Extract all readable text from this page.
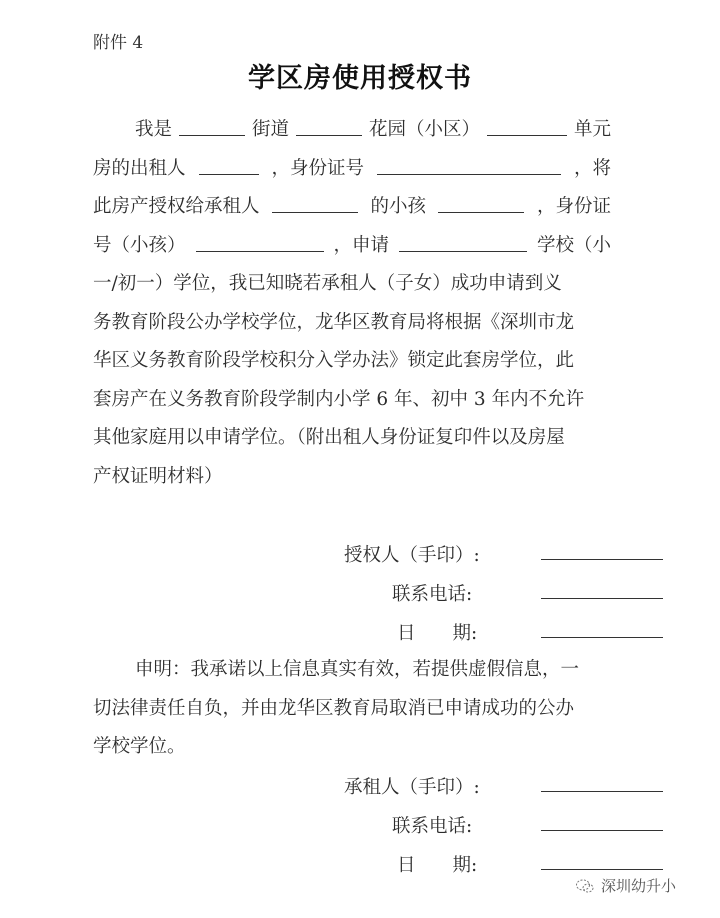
附件 4
学区房使用授权书
我是	街道	花园（小区）	单元
房的出租人	，身份证号	，将
此房产授权给承租人	的小孩	，身份证
号（小孩）	，申请	学校（小
一/初一）学位，我已知晓若承租人（子女）成功申请到义
务教育阶段公办学校学位，龙华区教育局将根据《深圳市龙
华区义务教育阶段学校积分入学办法》锁定此套房学位，此
套房产在义务教育阶段学制内小学 6 年、初中 3 年内不允许
其他家庭用以申请学位。（附出租人身份证复印件以及房屋
产权证明材料）
授权人（手印）:
联系电话:
日　　期:
申明：我承诺以上信息真实有效，若提供虚假信息，一
切法律责任自负，并由龙华区教育局取消已申请成功的公办
学校学位。
承租人（手印）:
联系电话:
日　　期:
深圳幼升小
